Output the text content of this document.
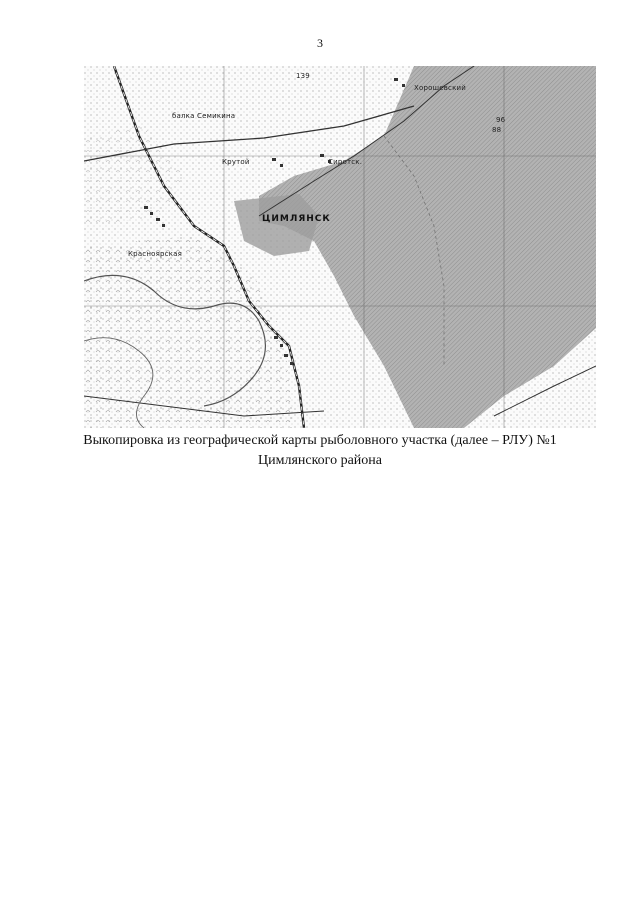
3
139
Хорошевский
96
88
балка Семикина
Крутой	Сиротск.
ЦИМЛЯНСК
Красноярская
Выкопировка из географической карты рыболовного участка (далее – РЛУ) №1
Цимлянского района
